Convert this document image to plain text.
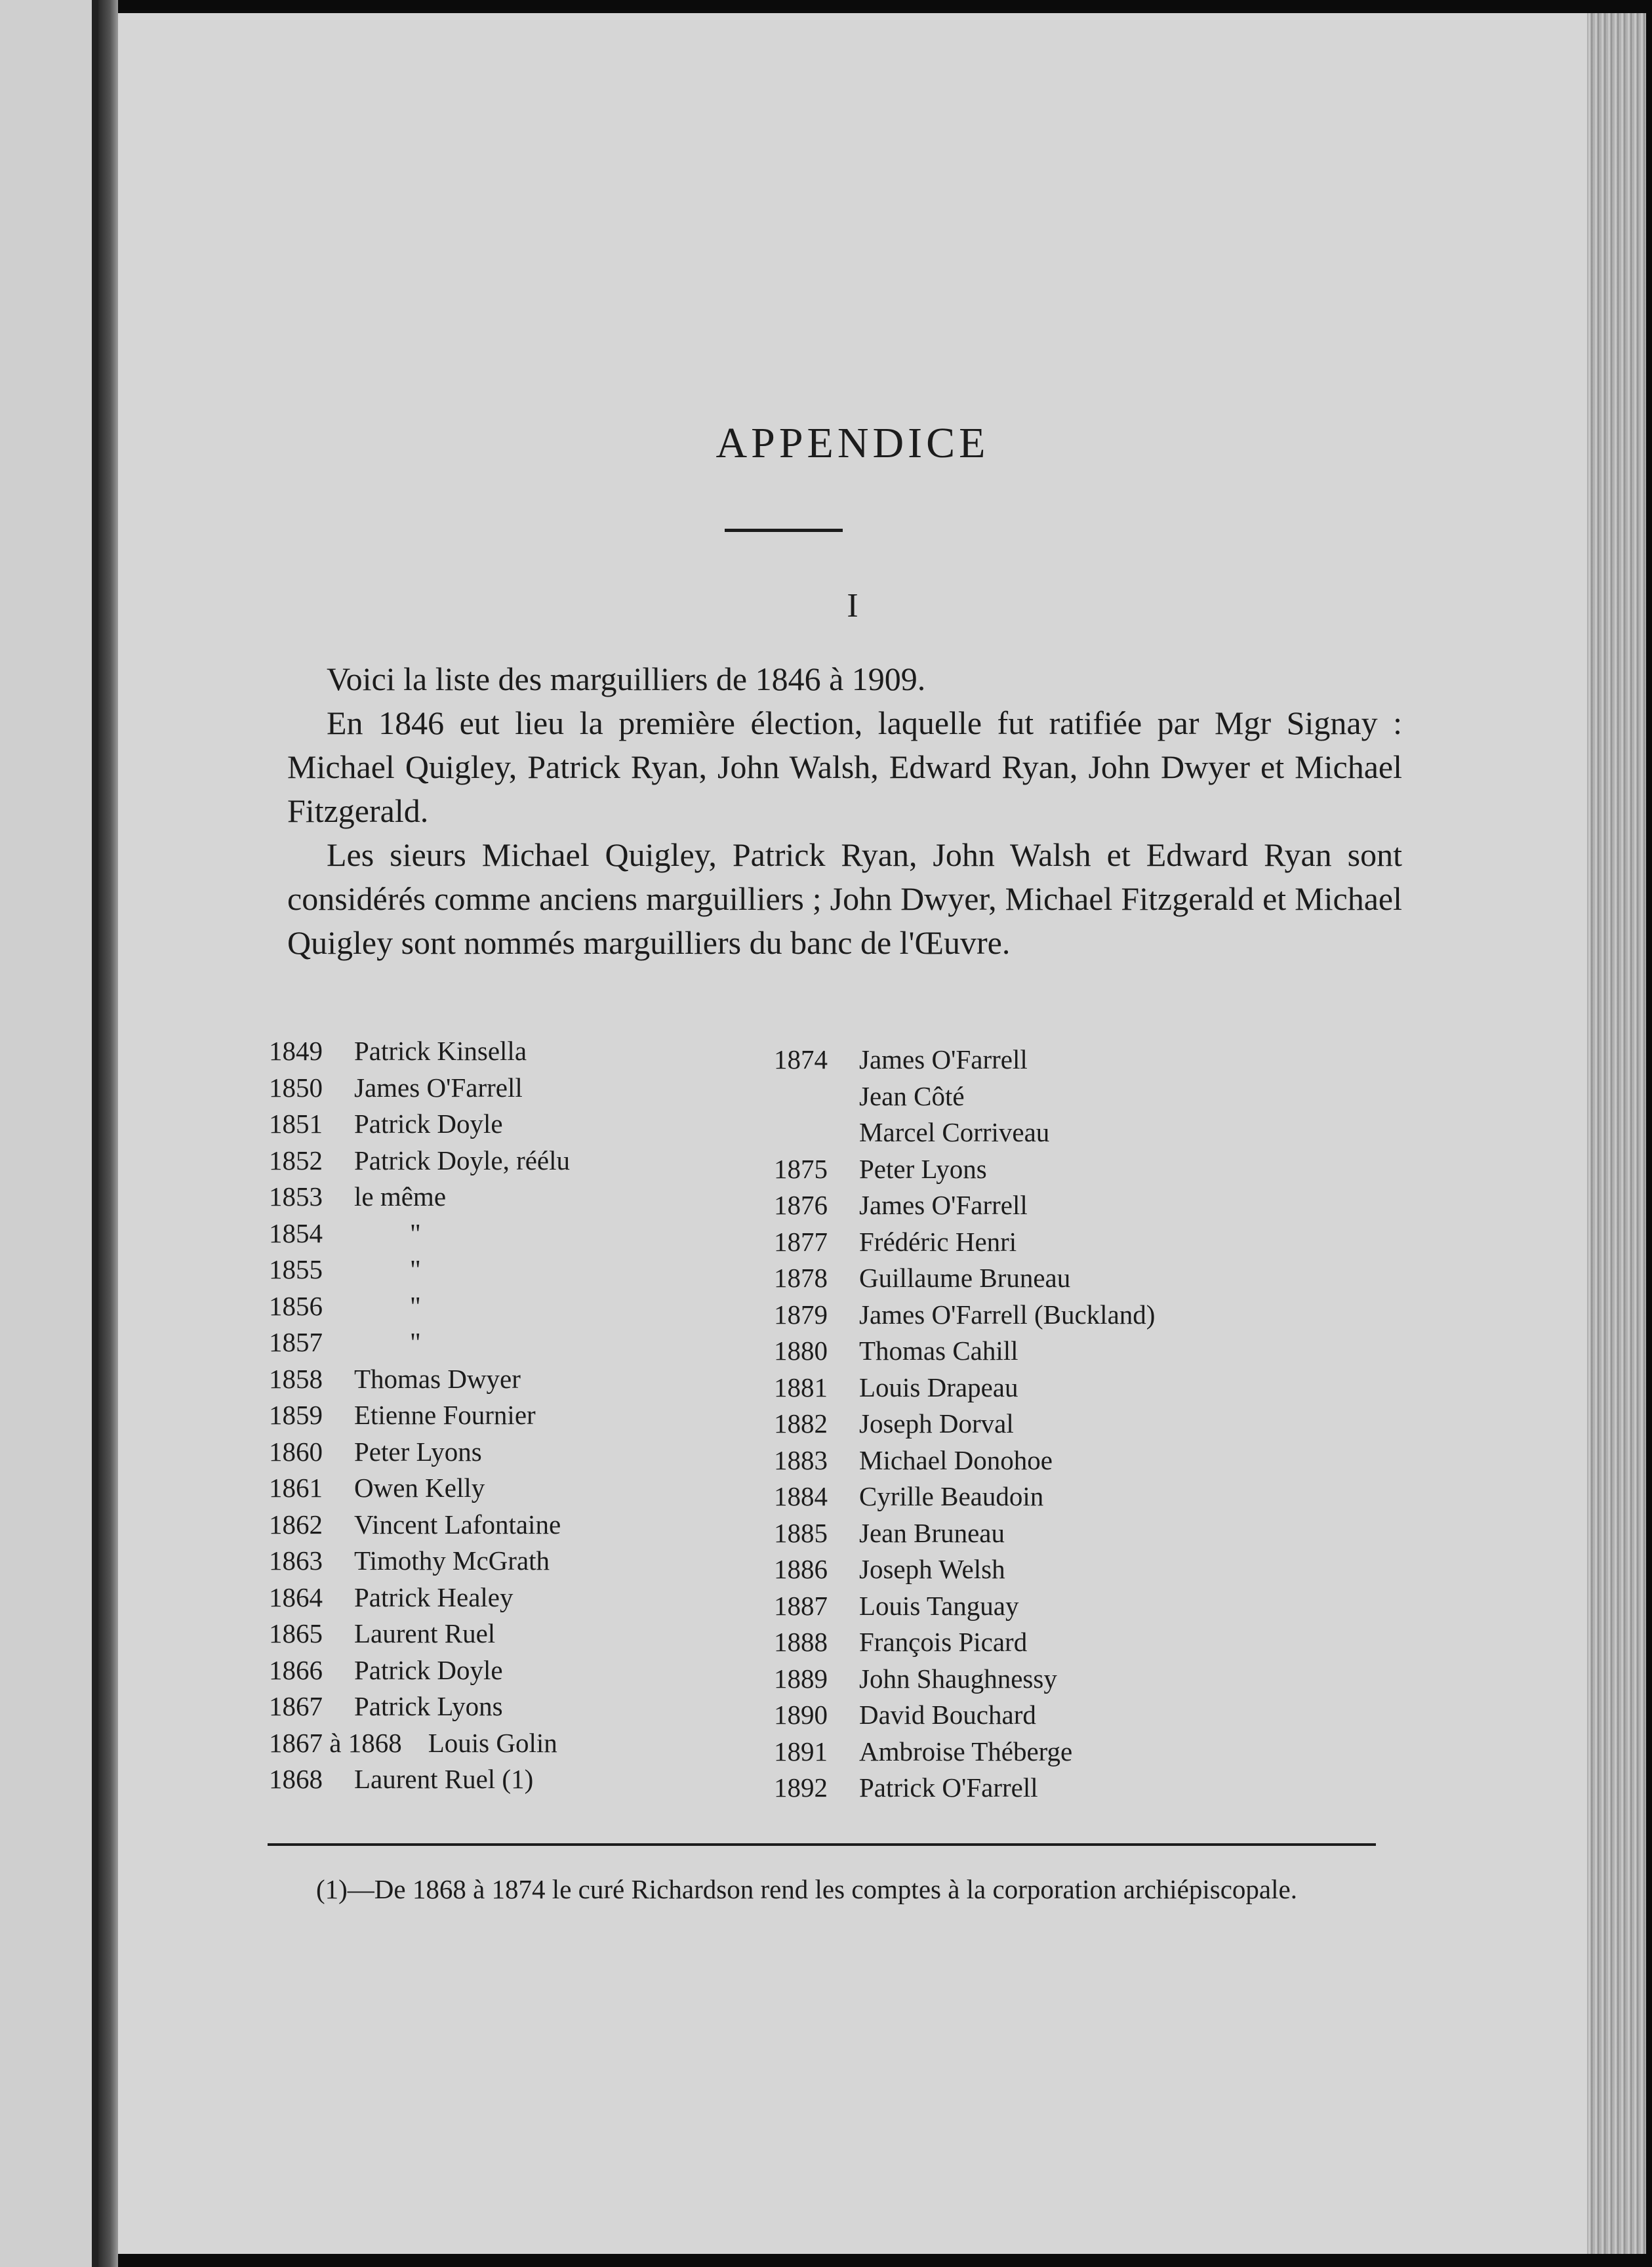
APPENDICE
I

Voici la liste des marguilliers de 1846 à 1909.

En 1846 eut lieu la première élection, laquelle fut ratifiée par Mgr Signay : Michael Quigley, Patrick Ryan, John Walsh, Edward Ryan, John Dwyer et Michael Fitzgerald.

Les sieurs Michael Quigley, Patrick Ryan, John Walsh et Edward Ryan sont considérés comme anciens marguilliers ; John Dwyer, Michael Fitzgerald et Michael Quigley sont nommés marguilliers du banc de l'Œuvre.

1849	Patrick Kinsella
1850	James O'Farrell
1851	Patrick Doyle
1852	Patrick Doyle, réélu
1853	le même
1854	"
1855	"
1856	"
1857	"
1858	Thomas Dwyer
1859	Etienne Fournier
1860	Peter Lyons
1861	Owen Kelly
1862	Vincent Lafontaine
1863	Timothy McGrath
1864	Patrick Healey
1865	Laurent Ruel
1866	Patrick Doyle
1867	Patrick Lyons
1867 à 1868 Louis Golin
1868	Laurent Ruel (1)
1874	James O'Farrell
Jean Côté
Marcel Corriveau
1875	Peter Lyons
1876	James O'Farrell
1877	Frédéric Henri
1878	Guillaume Bruneau
1879	James O'Farrell (Buckland)
1880	Thomas Cahill
1881	Louis Drapeau
1882	Joseph Dorval
1883	Michael Donohoe
1884	Cyrille Beaudoin
1885	Jean Bruneau
1886	Joseph Welsh
1887	Louis Tanguay
1888	François Picard
1889	John Shaughnessy
1890	David Bouchard
1891	Ambroise Théberge
1892	Patrick O'Farrell

(1)—De 1868 à 1874 le curé Richardson rend les comptes à la corporation archiépiscopale.
